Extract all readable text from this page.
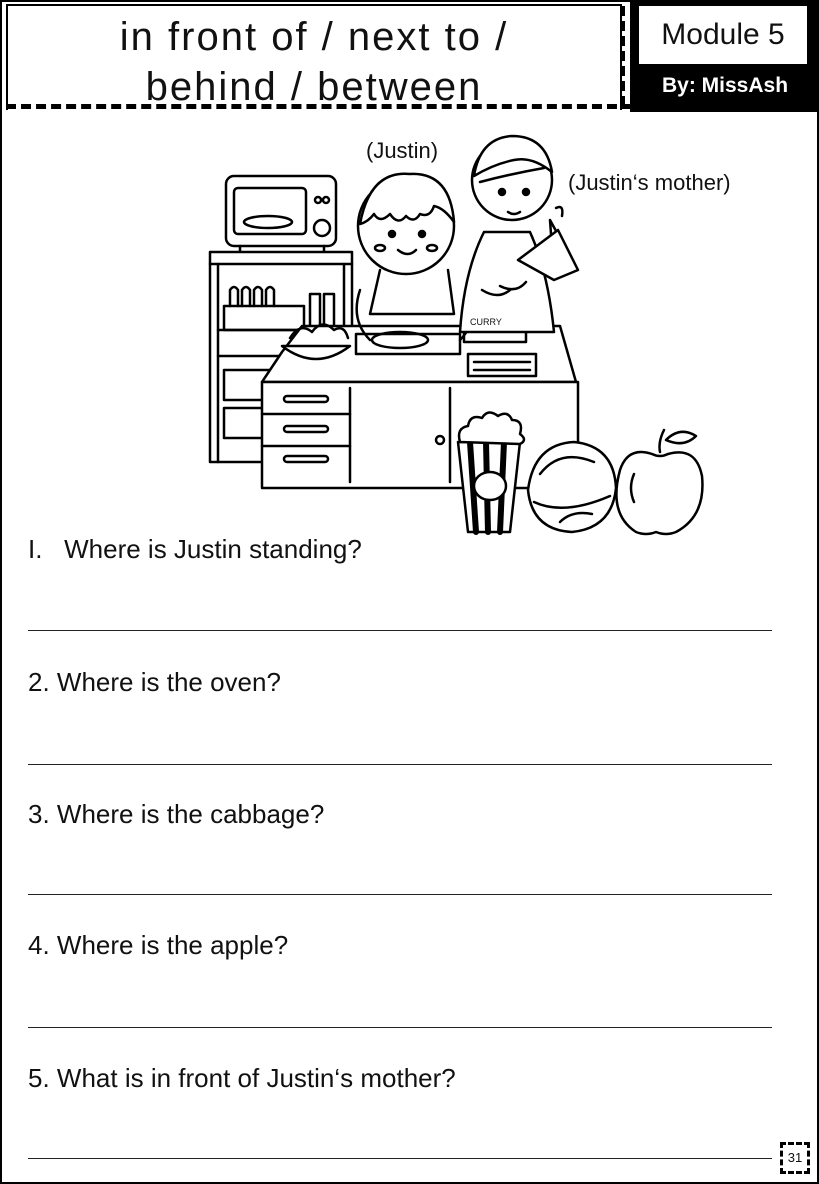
in front of / next to /
behind / between
Module 5
By: MissAsh
(Justin)
(Justin‘s mother)
CURRY
I. Where is Justin standing?
2. Where is the oven?
3. Where is the cabbage?
4. Where is the apple?
5. What is in front of Justin‘s mother?
31
